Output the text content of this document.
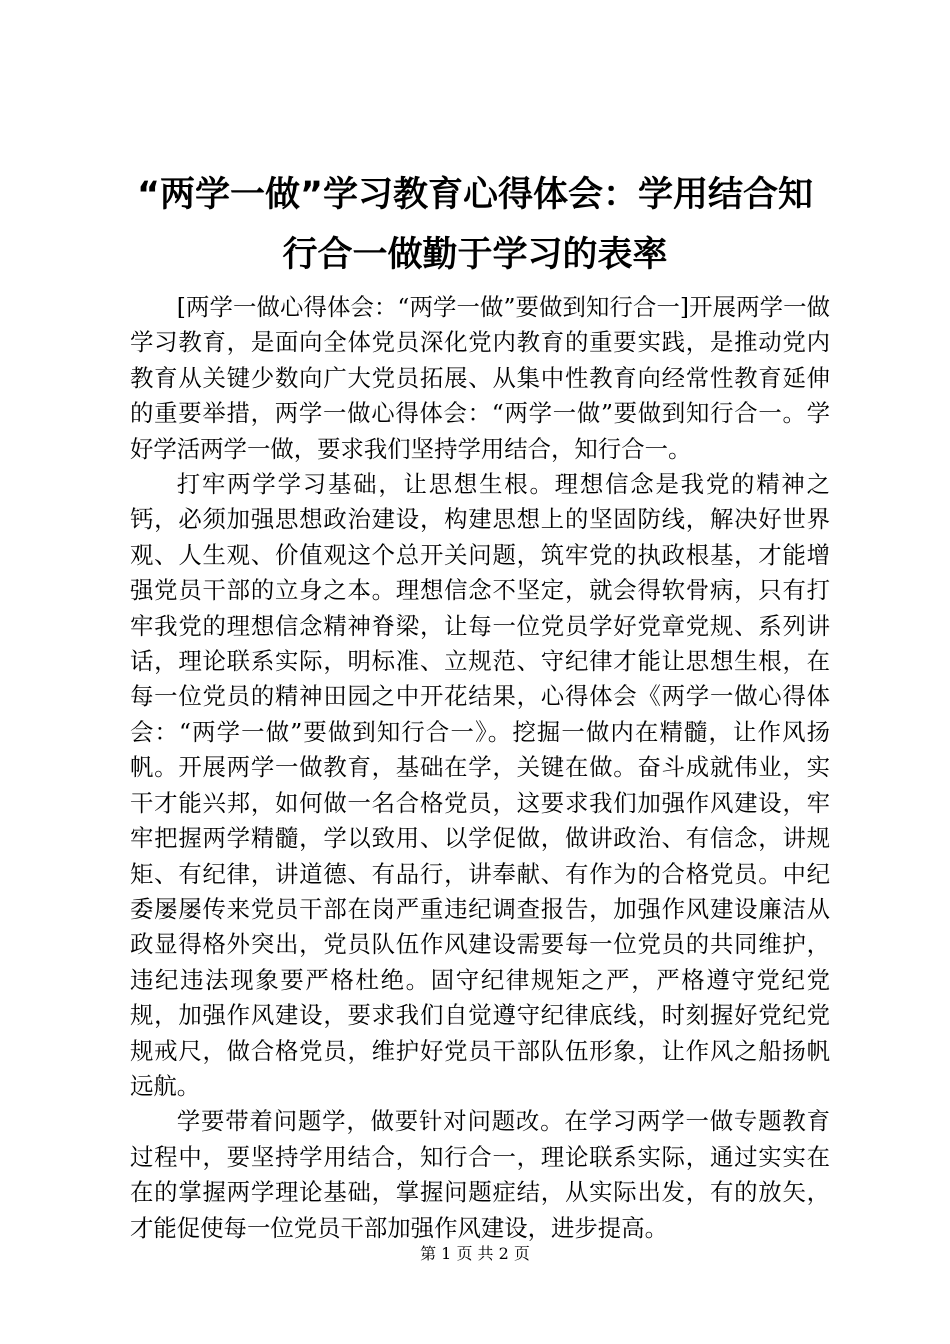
“两学一做”学习教育心得体会：学用结合知
行合一做勤于学习的表率

[两学一做心得体会：“两学一做”要做到知行合一]开展两学一做学习教育，是面向全体党员深化党内教育的重要实践，是推动党内教育从关键少数向广大党员拓展、从集中性教育向经常性教育延伸的重要举措，两学一做心得体会：“两学一做”要做到知行合一。学好学活两学一做，要求我们坚持学用结合，知行合一。

打牢两学学习基础，让思想生根。理想信念是我党的精神之钙，必须加强思想政治建设，构建思想上的坚固防线，解决好世界观、人生观、价值观这个总开关问题，筑牢党的执政根基，才能增强党员干部的立身之本。理想信念不坚定，就会得软骨病，只有打牢我党的理想信念精神脊梁，让每一位党员学好党章党规、系列讲话，理论联系实际，明标准、立规范、守纪律才能让思想生根，在每一位党员的精神田园之中开花结果，心得体会《两学一做心得体会：“两学一做”要做到知行合一》。挖掘一做内在精髓，让作风扬帆。开展两学一做教育，基础在学，关键在做。奋斗成就伟业，实干才能兴邦，如何做一名合格党员，这要求我们加强作风建设，牢牢把握两学精髓，学以致用、以学促做，做讲政治、有信念，讲规矩、有纪律，讲道德、有品行，讲奉献、有作为的合格党员。中纪委屡屡传来党员干部在岗严重违纪调查报告，加强作风建设廉洁从政显得格外突出，党员队伍作风建设需要每一位党员的共同维护，违纪违法现象要严格杜绝。固守纪律规矩之严，严格遵守党纪党规，加强作风建设，要求我们自觉遵守纪律底线，时刻握好党纪党规戒尺，做合格党员，维护好党员干部队伍形象，让作风之船扬帆远航。

学要带着问题学，做要针对问题改。在学习两学一做专题教育过程中，要坚持学用结合，知行合一，理论联系实际，通过实实在在的掌握两学理论基础，掌握问题症结，从实际出发，有的放矢，才能促使每一位党员干部加强作风建设，进步提高。

第 1 页 共 2 页
